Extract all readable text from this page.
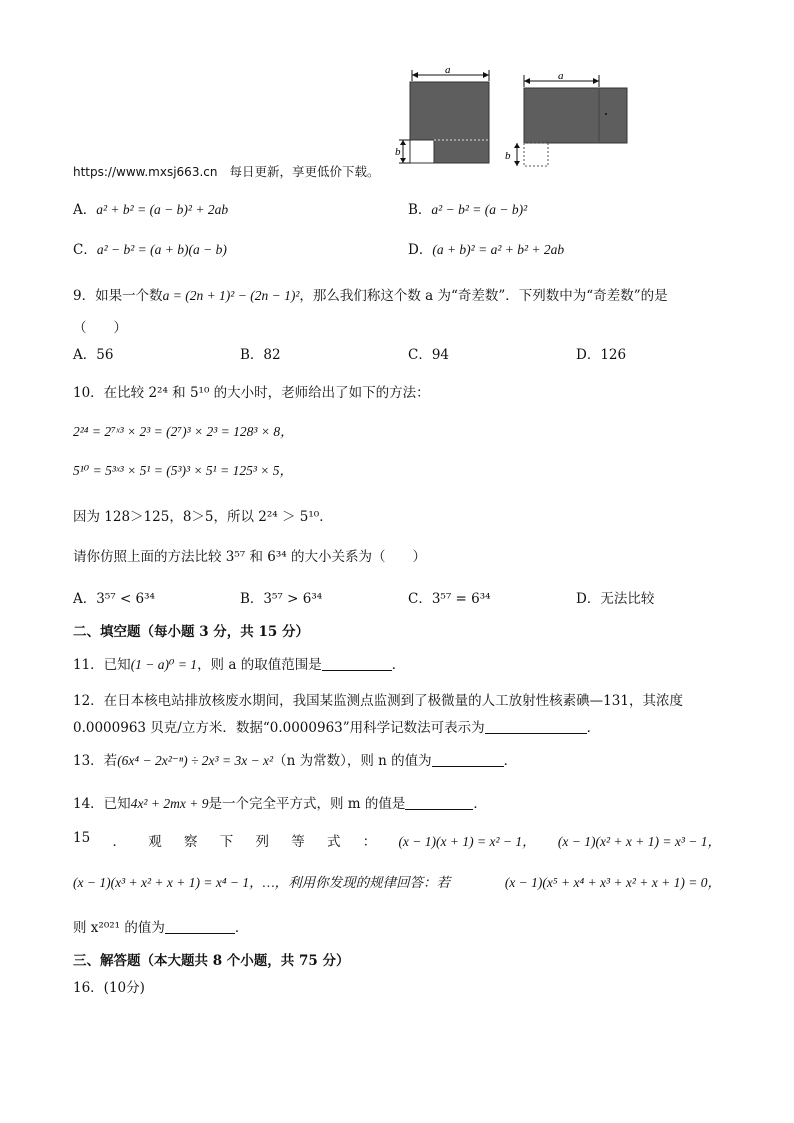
b
a
b
a
https://www.mxsj663.cn 每日更新，享更低价下载。
A．a² + b² = (a − b)² + 2ab	B．a² − b² = (a − b)²
C．a² − b² = (a + b)(a − b)	D．(a + b)² = a² + b² + 2ab
9．如果一个数a = (2n + 1)² − (2n − 1)²，那么我们称这个数 a 为“奇差数”．下列数中为“奇差数”的是
（　　）
A．56	B．82	C．94	D．126
10．在比较 2²⁴ 和 5¹⁰ 的大小时，老师给出了如下的方法：
2²⁴ = 2⁷ˣ³ × 2³ = (2⁷)³ × 2³ = 128³ × 8，
5¹⁰ = 5³ˣ³ × 5¹ = (5³)³ × 5¹ = 125³ × 5，
因为 128＞125，8＞5，所以 2²⁴ ＞ 5¹⁰．
请你仿照上面的方法比较 3⁵⁷ 和 6³⁴ 的大小关系为（　　）
A．3⁵⁷ < 6³⁴	B．3⁵⁷ > 6³⁴	C．3⁵⁷ = 6³⁴	D．无法比较
二、填空题（每小题 3 分，共 15 分）
11．已知(1 − a)⁰ = 1，则 a 的取值范围是	．
12．在日本核电站排放核废水期间，我国某监测点监测到了极微量的人工放射性核素碘—131，其浓度
0.0000963 贝克/立方米．数据“0.0000963”用科学记数法可表示为	．
13．若(6x⁴ − 2x²⁻ⁿ) ÷ 2x³ = 3x − x²（n 为常数），则 n 的值为	．
14．已知4x² + 2mx + 9是一个完全平方式，则 m 的值是	．
15 ． 观 察 下 列 等 式 ： (x − 1)(x + 1) = x² − 1， (x − 1)(x² + x + 1) = x³ − 1，
(x − 1)(x³ + x² + x + 1) = x⁴ − 1，…，利用你发现的规律回答：若	(x − 1)(x⁵ + x⁴ + x³ + x² + x + 1) = 0，
则 x²⁰²¹ 的值为	．
三、解答题（本大题共 8 个小题，共 75 分）
16．(10分)
